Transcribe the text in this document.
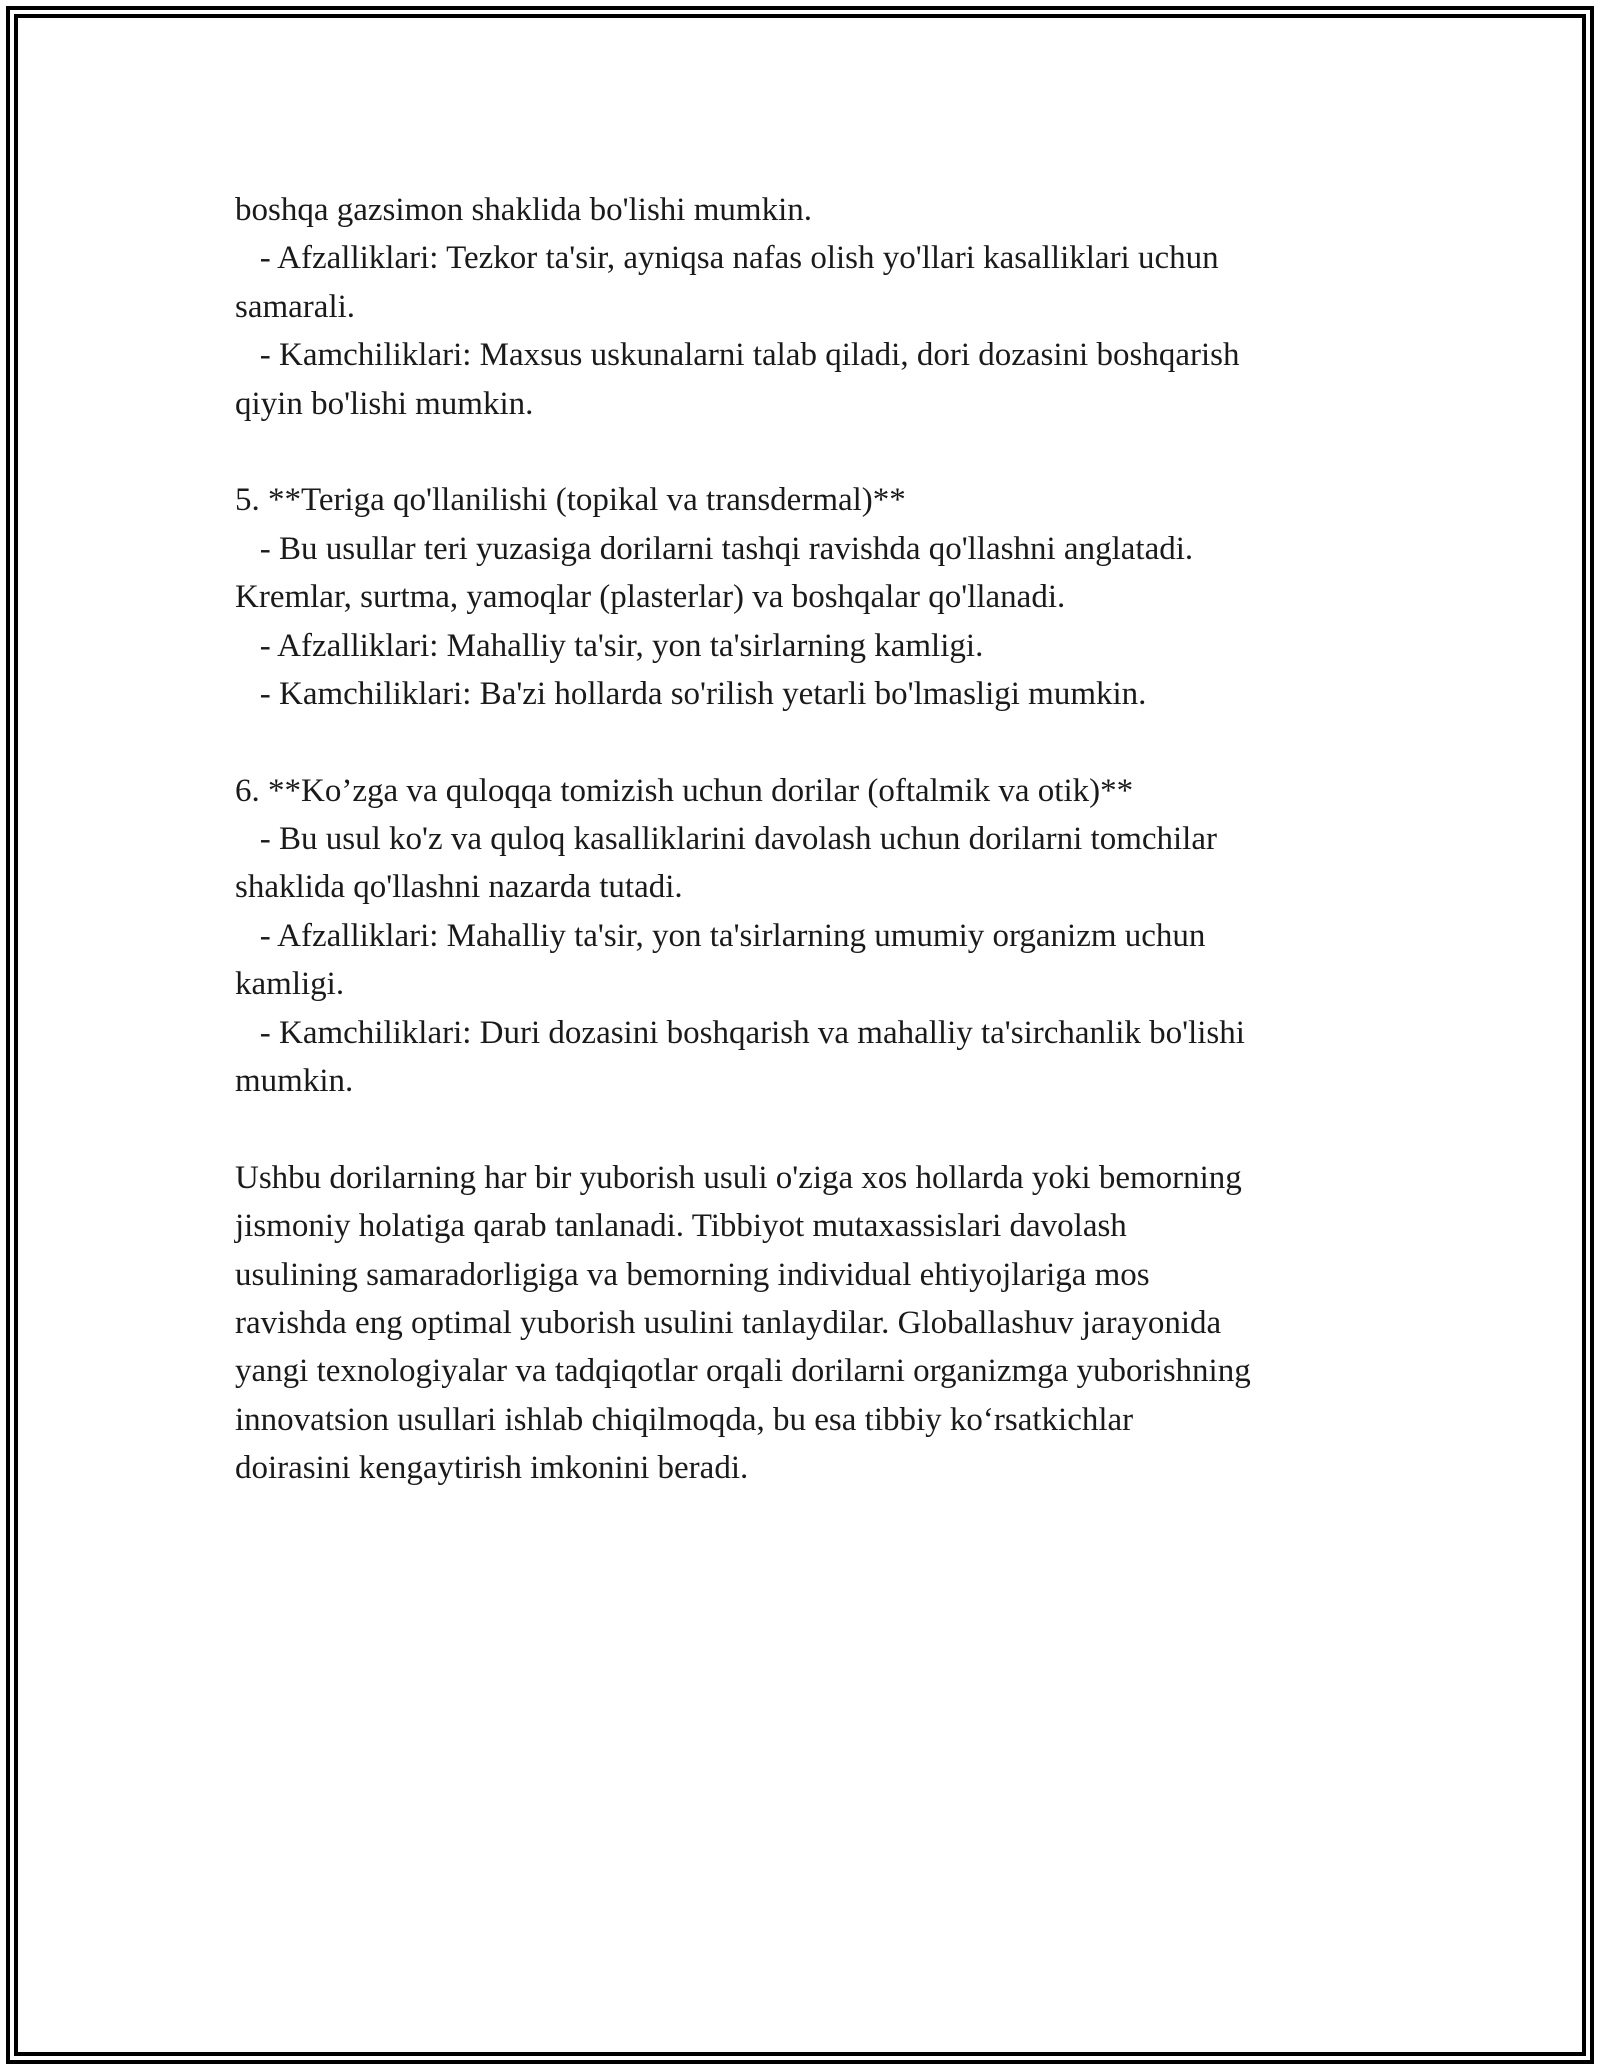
boshqa gazsimon shaklida bo'lishi mumkin.
- Afzalliklari: Tezkor ta'sir, ayniqsa nafas olish yo'llari kasalliklari uchun
samarali.
- Kamchiliklari: Maxsus uskunalarni talab qiladi, dori dozasini boshqarish
qiyin bo'lishi mumkin.
5. **Teriga qo'llanilishi (topikal va transdermal)**
- Bu usullar teri yuzasiga dorilarni tashqi ravishda qo'llashni anglatadi.
Kremlar, surtma, yamoqlar (plasterlar) va boshqalar qo'llanadi.
- Afzalliklari: Mahalliy ta'sir, yon ta'sirlarning kamligi.
- Kamchiliklari: Ba'zi hollarda so'rilish yetarli bo'lmasligi mumkin.
6. **Ko’zga va quloqqa tomizish uchun dorilar (oftalmik va otik)**
- Bu usul ko'z va quloq kasalliklarini davolash uchun dorilarni tomchilar
shaklida qo'llashni nazarda tutadi.
- Afzalliklari: Mahalliy ta'sir, yon ta'sirlarning umumiy organizm uchun
kamligi.
- Kamchiliklari: Duri dozasini boshqarish va mahalliy ta'sirchanlik bo'lishi
mumkin.
Ushbu dorilarning har bir yuborish usuli o'ziga xos hollarda yoki bemorning
jismoniy holatiga qarab tanlanadi. Tibbiyot mutaxassislari davolash
usulining samaradorligiga va bemorning individual ehtiyojlariga mos
ravishda eng optimal yuborish usulini tanlaydilar. Globallashuv jarayonida
yangi texnologiyalar va tadqiqotlar orqali dorilarni organizmga yuborishning
innovatsion usullari ishlab chiqilmoqda, bu esa tibbiy ko‘rsatkichlar
doirasini kengaytirish imkonini beradi.
